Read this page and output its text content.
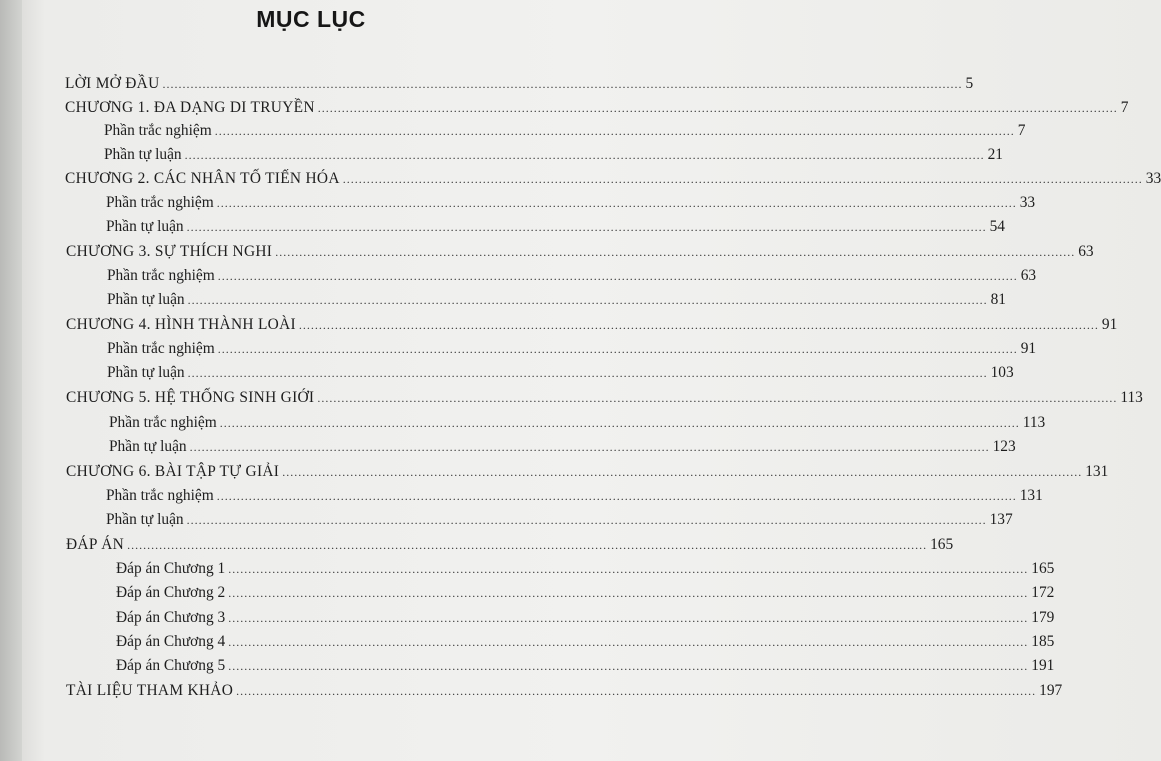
MỤC LỤC
LỜI MỞ ĐẦU ........................................................................................................................................................................................................ 5
CHƯƠNG 1. ĐA DẠNG DI TRUYỀN ........................................................................................................................................................................................................ 7
Phần trắc nghiệm ........................................................................................................................................................................................................ 7
Phần tự luận ........................................................................................................................................................................................................ 21
CHƯƠNG 2. CÁC NHÂN TỐ TIẾN HÓA ........................................................................................................................................................................................................ 33
Phần trắc nghiệm ........................................................................................................................................................................................................ 33
Phần tự luận ........................................................................................................................................................................................................ 54
CHƯƠNG 3. SỰ THÍCH NGHI ........................................................................................................................................................................................................ 63
Phần trắc nghiệm ........................................................................................................................................................................................................ 63
Phần tự luận ........................................................................................................................................................................................................ 81
CHƯƠNG 4. HÌNH THÀNH LOÀI ........................................................................................................................................................................................................ 91
Phần trắc nghiệm ........................................................................................................................................................................................................ 91
Phần tự luận ........................................................................................................................................................................................................ 103
CHƯƠNG 5. HỆ THỐNG SINH GIỚI ........................................................................................................................................................................................................ 113
Phần trắc nghiệm ........................................................................................................................................................................................................ 113
Phần tự luận ........................................................................................................................................................................................................ 123
CHƯƠNG 6. BÀI TẬP TỰ GIẢI ........................................................................................................................................................................................................ 131
Phần trắc nghiệm ........................................................................................................................................................................................................ 131
Phần tự luận ........................................................................................................................................................................................................ 137
ĐÁP ÁN ........................................................................................................................................................................................................ 165
Đáp án Chương 1 ........................................................................................................................................................................................................ 165
Đáp án Chương 2 ........................................................................................................................................................................................................ 172
Đáp án Chương 3 ........................................................................................................................................................................................................ 179
Đáp án Chương 4 ........................................................................................................................................................................................................ 185
Đáp án Chương 5 ........................................................................................................................................................................................................ 191
TÀI LIỆU THAM KHẢO ........................................................................................................................................................................................................ 197
